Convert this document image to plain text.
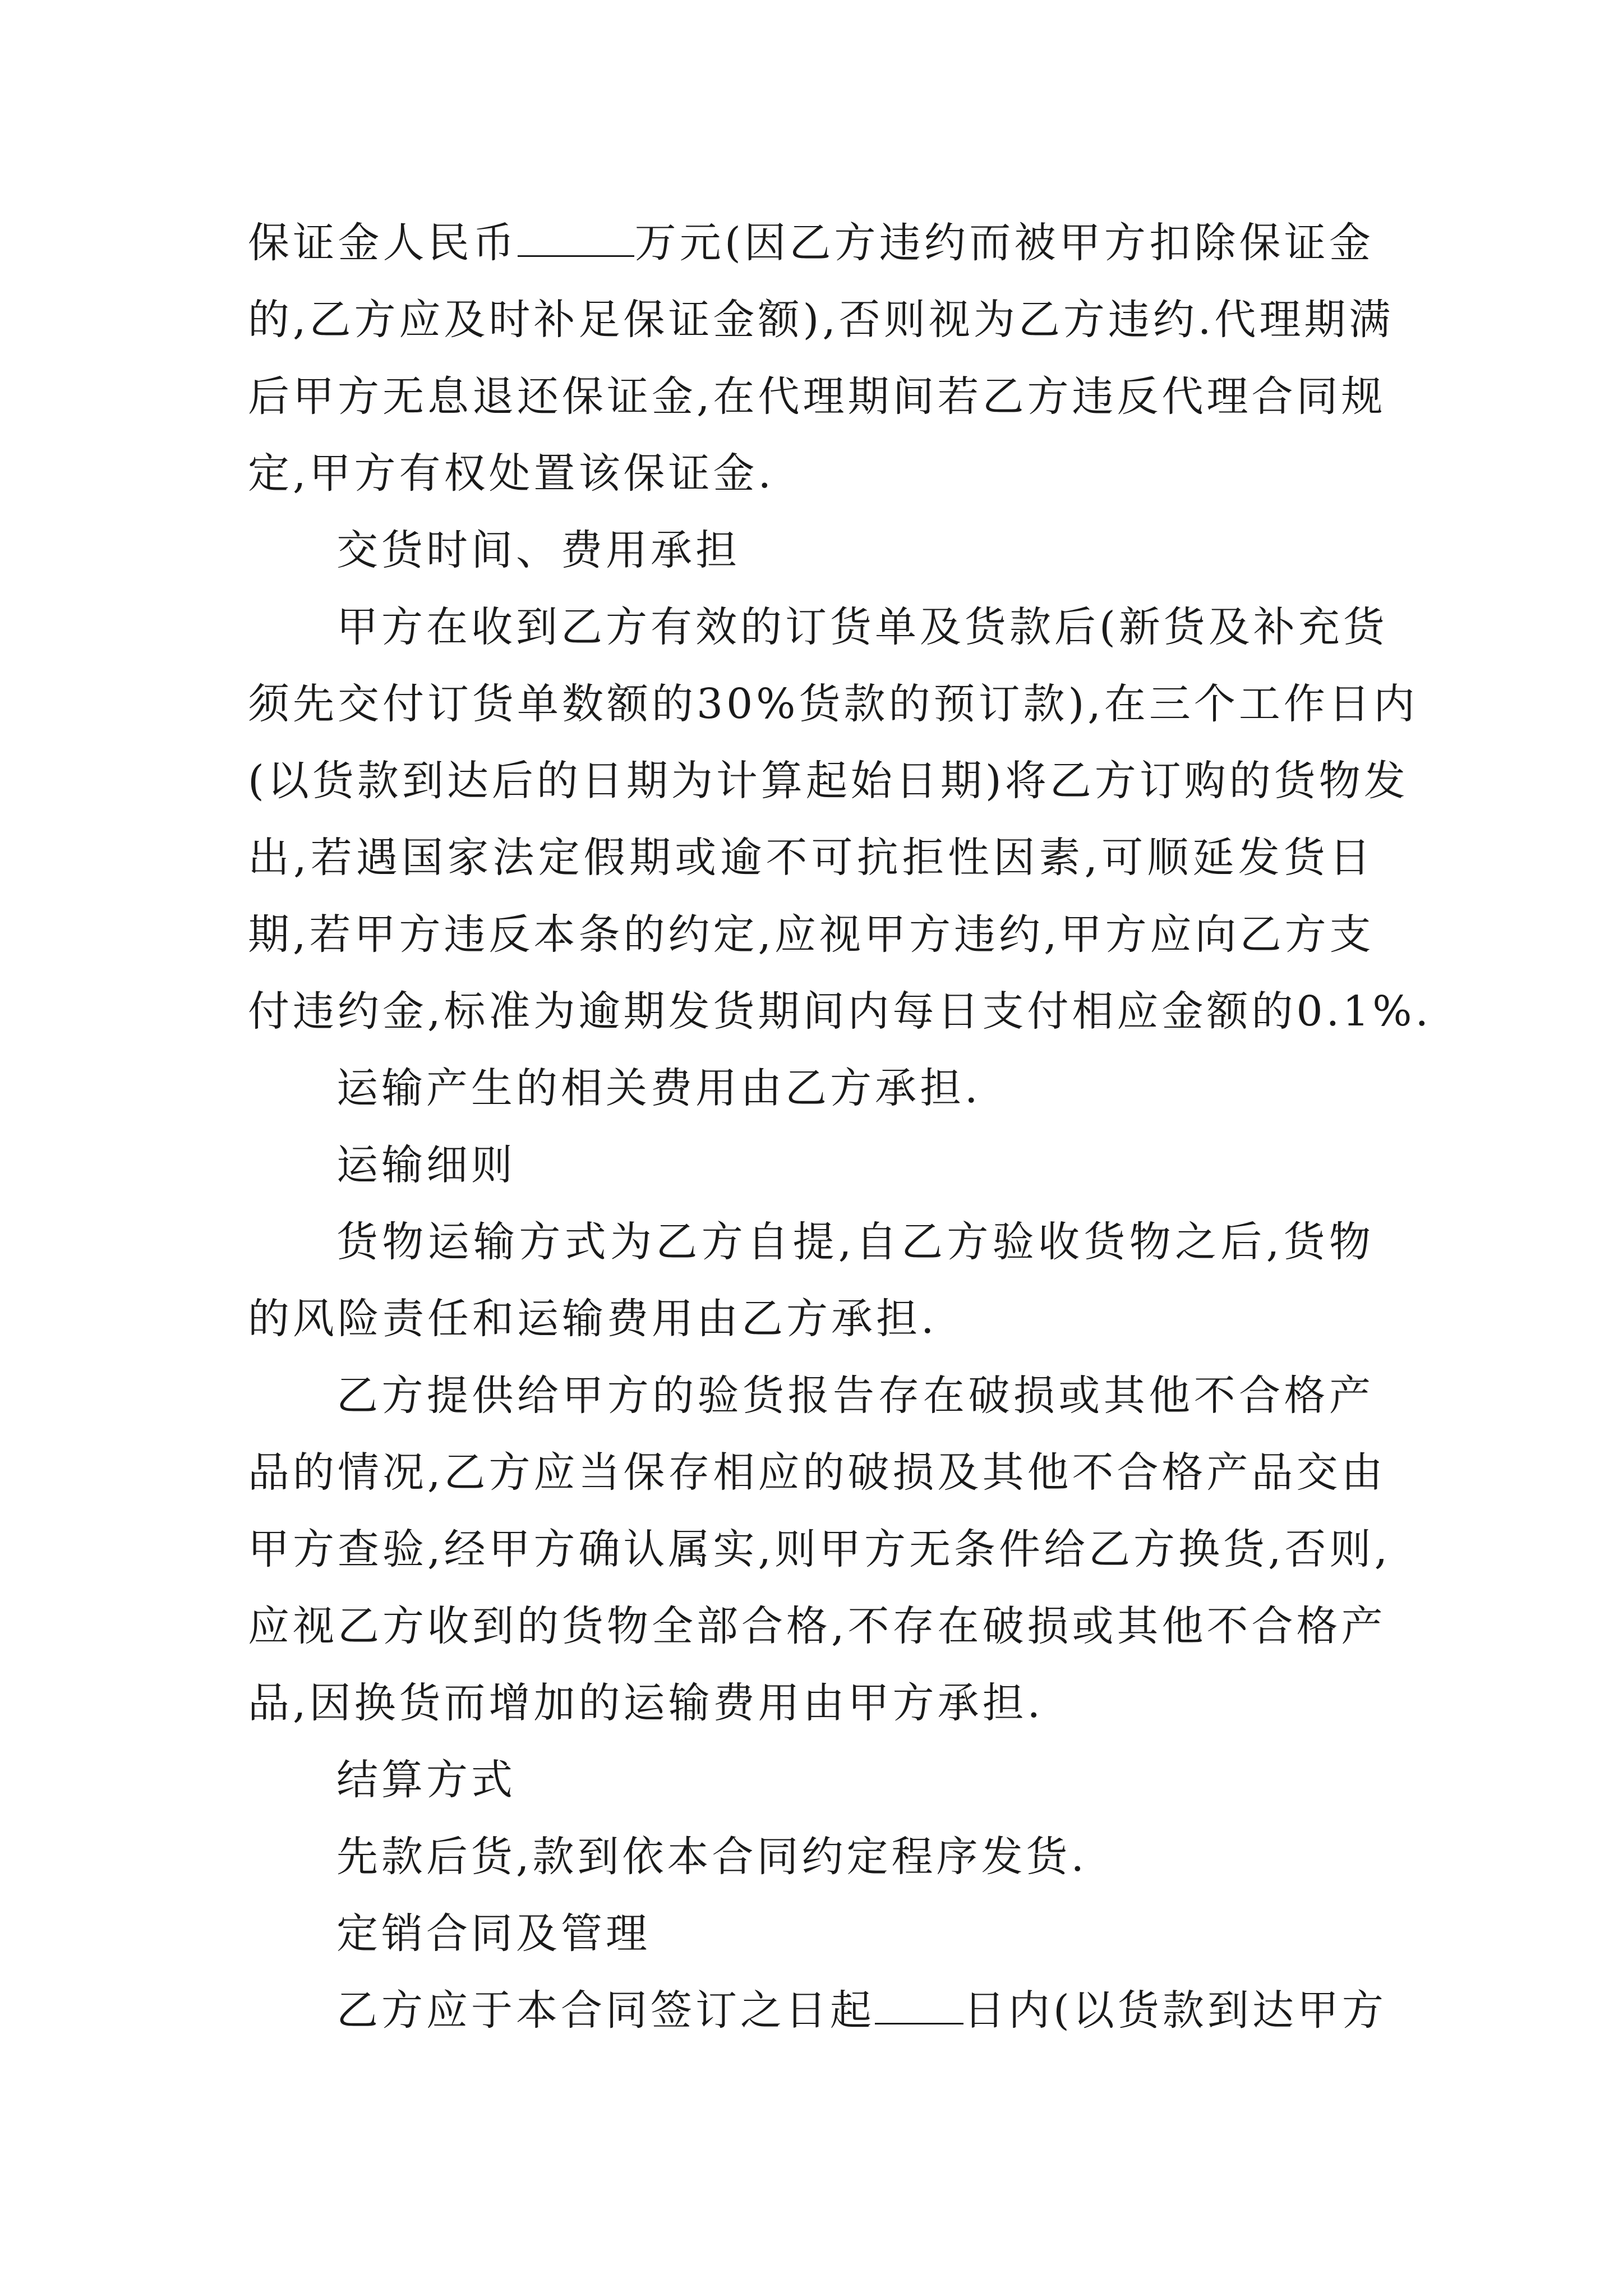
保证金人民币	万元(因乙方违约而被甲方扣除保证金
的,乙方应及时补足保证金额),否则视为乙方违约.代理期满
后甲方无息退还保证金,在代理期间若乙方违反代理合同规
定,甲方有权处置该保证金.
交货时间、费用承担
甲方在收到乙方有效的订货单及货款后(新货及补充货
须先交付订货单数额的30%货款的预订款),在三个工作日内
(以货款到达后的日期为计算起始日期)将乙方订购的货物发
出,若遇国家法定假期或逾不可抗拒性因素,可顺延发货日
期,若甲方违反本条的约定,应视甲方违约,甲方应向乙方支
付违约金,标准为逾期发货期间内每日支付相应金额的0.1%.
运输产生的相关费用由乙方承担.
运输细则
货物运输方式为乙方自提,自乙方验收货物之后,货物
的风险责任和运输费用由乙方承担.
乙方提供给甲方的验货报告存在破损或其他不合格产
品的情况,乙方应当保存相应的破损及其他不合格产品交由
甲方查验,经甲方确认属实,则甲方无条件给乙方换货,否则,
应视乙方收到的货物全部合格,不存在破损或其他不合格产
品,因换货而增加的运输费用由甲方承担.
结算方式
先款后货,款到依本合同约定程序发货.
定销合同及管理
乙方应于本合同签订之日起 日内(以货款到达甲方
